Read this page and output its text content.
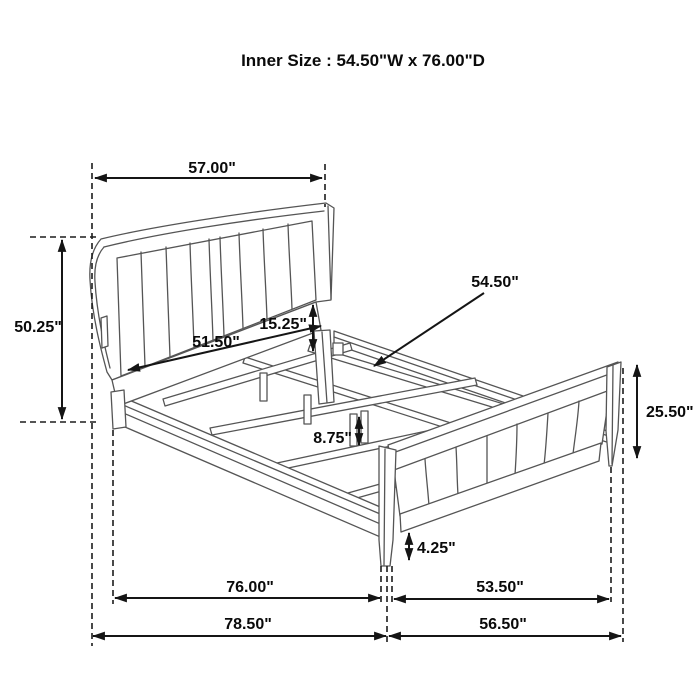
Inner Size : 54.50"W x 76.00"D
57.00"
50.25"
51.50"
15.25"
54.50"
8.75"
25.50"
4.25"
76.00"	53.50"
78.50"	56.50"
